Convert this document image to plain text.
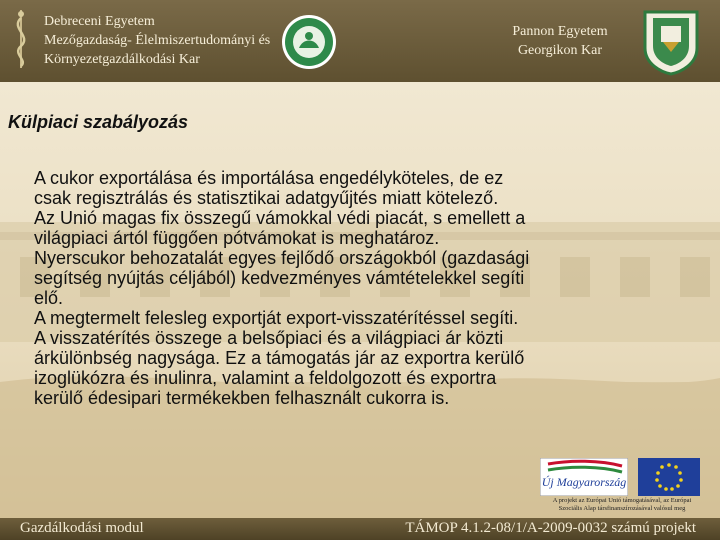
Debreceni Egyetem
Mezőgazdaság- Élelmiszertudományi és
Környezetgazdálkodási Kar
Pannon Egyetem
Georgikon Kar
Külpiaci szabályozás
A cukor exportálása és importálása engedélyköteles, de ez
csak regisztrálás és statisztikai adatgyűjtés miatt kötelező.
Az Unió magas fix összegű vámokkal védi piacát, s emellett a
világpiaci ártól függően pótvámokat is meghatároz.
Nyerscukor behozatalát egyes fejlődő országokból (gazdasági
segítség nyújtás céljából) kedvezményes vámtételekkel segíti
elő.
A megtermelt felesleg exportját export-visszatérítéssel segíti.
A visszatérítés összege a belsőpiaci és a világpiaci ár közti
árkülönbség nagysága. Ez a támogatás jár az exportra kerülő
izoglükózra és inulinra, valamint a feldolgozott és exportra
kerülő édesipari termékekben felhasznált cukorra is.
Új Magyarország
A projekt az Európai Unió támogatásával, az Európai
Szociális Alap társfinanszírozásával valósul meg
Gazdálkodási modul	TÁMOP 4.1.2-08/1/A-2009-0032 számú projekt
